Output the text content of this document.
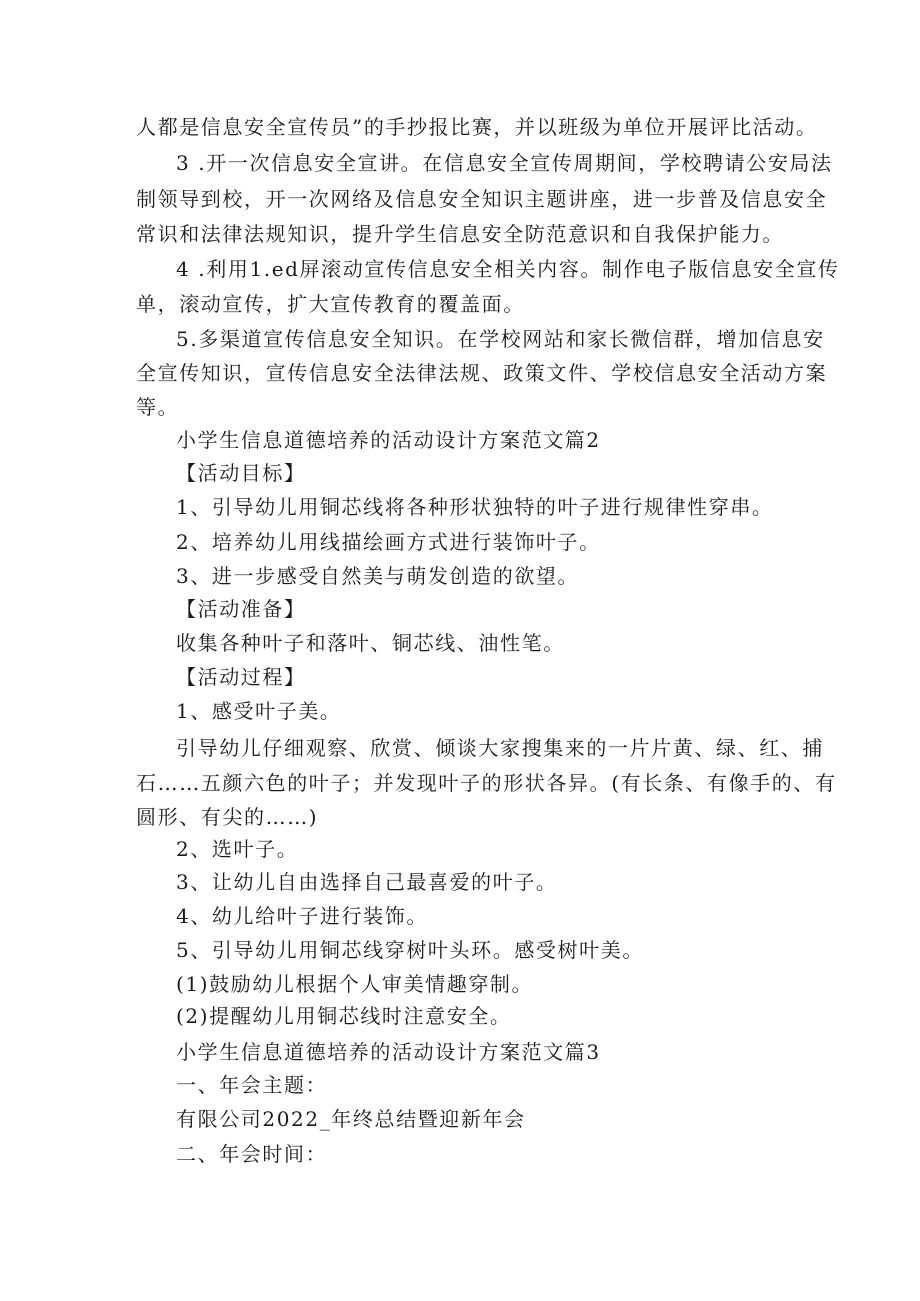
人都是信息安全宣传员”的手抄报比赛，并以班级为单位开展评比活动。
3 .开一次信息安全宣讲。在信息安全宣传周期间，学校聘请公安局法
制领导到校，开一次网络及信息安全知识主题讲座，进一步普及信息安全
常识和法律法规知识，提升学生信息安全防范意识和自我保护能力。
4 .利用1.ed屏滚动宣传信息安全相关内容。制作电子版信息安全宣传
单，滚动宣传，扩大宣传教育的覆盖面。
5.多渠道宣传信息安全知识。在学校网站和家长微信群，增加信息安
全宣传知识，宣传信息安全法律法规、政策文件、学校信息安全活动方案
等。
小学生信息道德培养的活动设计方案范文篇2
【活动目标】
1、引导幼儿用铜芯线将各种形状独特的叶子进行规律性穿串。
2、培养幼儿用线描绘画方式进行装饰叶子。
3、进一步感受自然美与萌发创造的欲望。
【活动准备】
收集各种叶子和落叶、铜芯线、油性笔。
【活动过程】
1、感受叶子美。
引导幼儿仔细观察、欣赏、倾谈大家搜集来的一片片黄、绿、红、捕
石……五颜六色的叶子；并发现叶子的形状各异。(有长条、有像手的、有
圆形、有尖的……)
2、选叶子。
3、让幼儿自由选择自己最喜爱的叶子。
4、幼儿给叶子进行装饰。
5、引导幼儿用铜芯线穿树叶头环。感受树叶美。
(1)鼓励幼儿根据个人审美情趣穿制。
(2)提醒幼儿用铜芯线时注意安全。
小学生信息道德培养的活动设计方案范文篇3
一、年会主题：
有限公司2022_年终总结暨迎新年会
二、年会时间：
